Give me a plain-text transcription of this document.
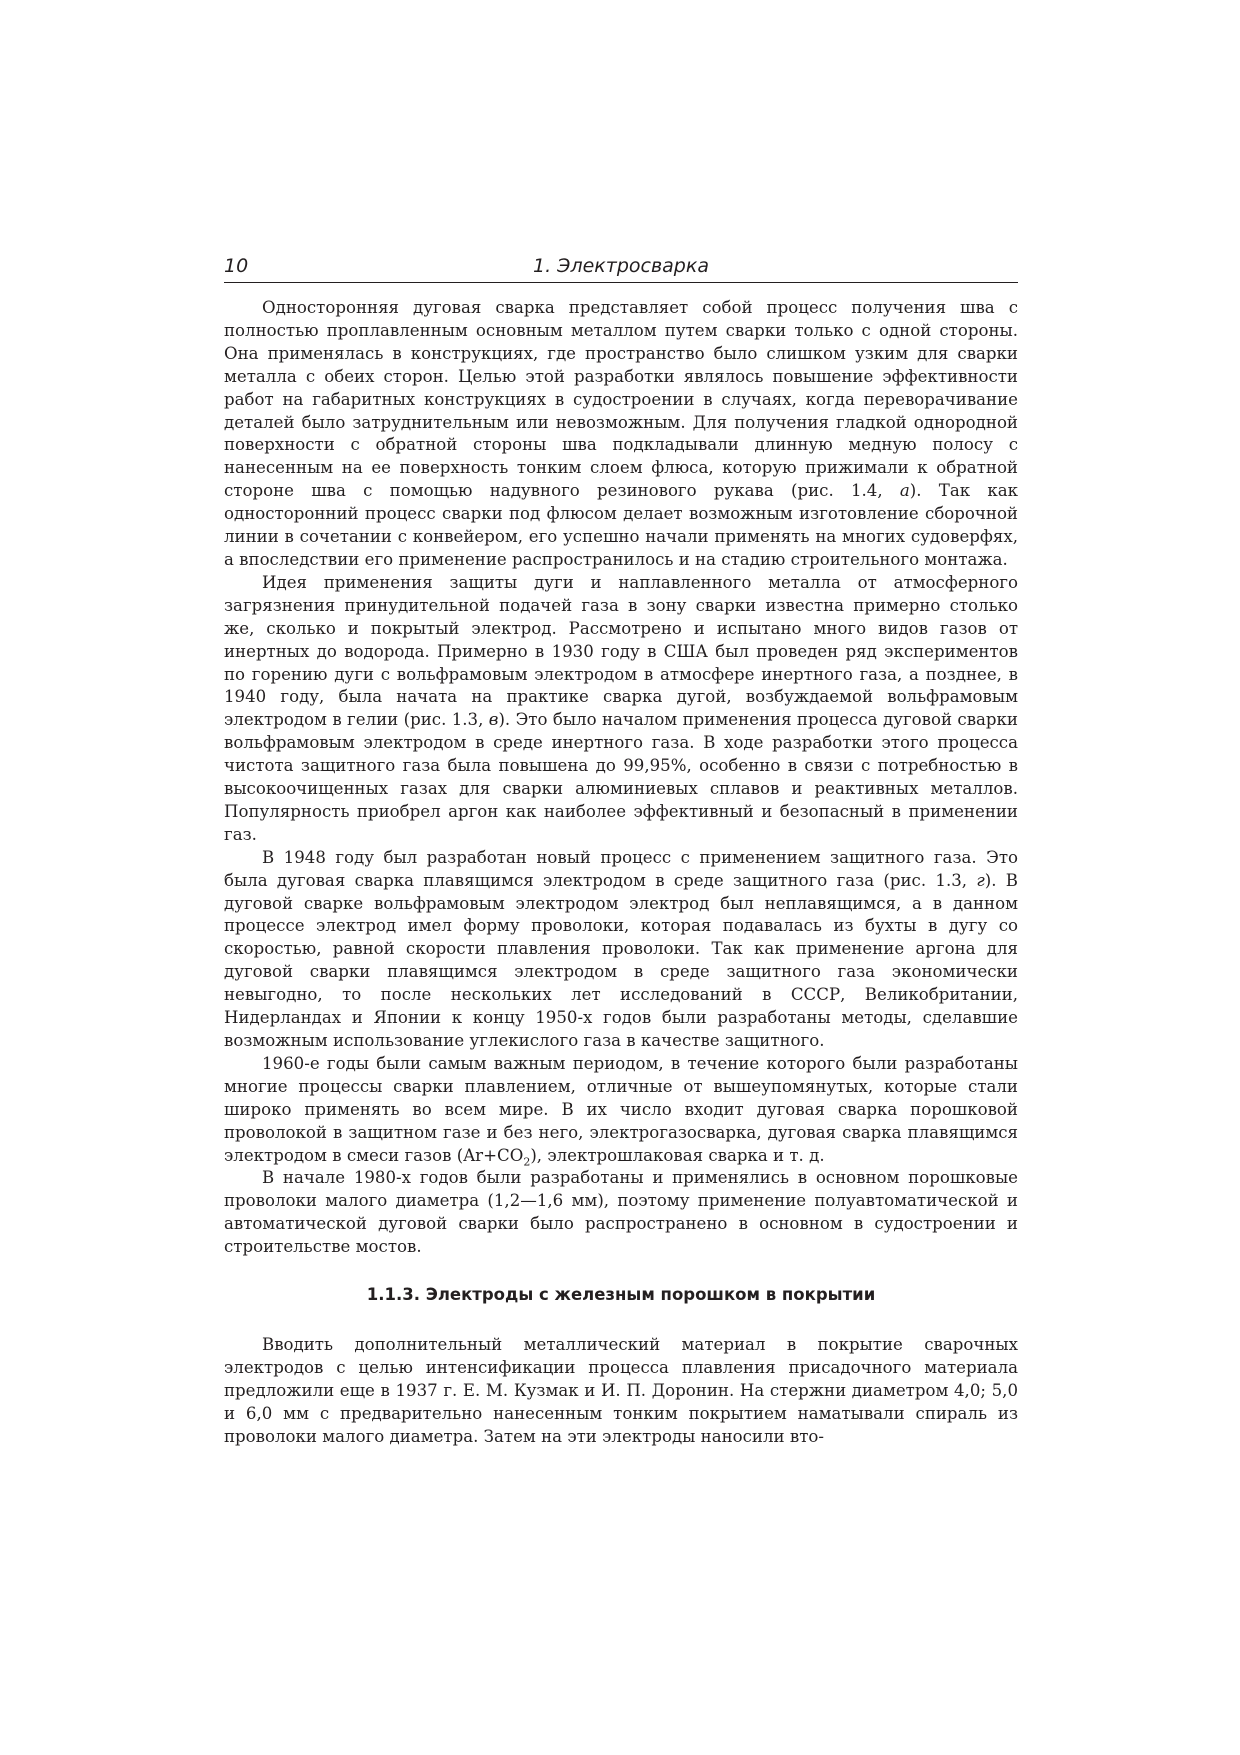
10	1. Электросварка

Односторонняя дуговая сварка представляет собой процесс получения шва с полностью проплавленным основным металлом путем сварки только с одной стороны. Она применялась в конструкциях, где пространство было слишком узким для сварки металла с обеих сторон. Целью этой разработки являлось повышение эффективности работ на габаритных конструкциях в судостроении в случаях, когда переворачивание деталей было затруднительным или невозможным. Для получения гладкой однородной поверхности с обратной стороны шва подкладывали длинную медную полосу с нанесенным на ее поверхность тонким слоем флюса, которую прижимали к обратной стороне шва с помощью надувного резинового рукава (рис. 1.4, а). Так как односторонний процесс сварки под флюсом делает возможным изготовление сборочной линии в сочетании с конвейером, его успешно начали применять на многих судоверфях, а впоследствии его применение распространилось и на стадию строительного монтажа.

Идея применения защиты дуги и наплавленного металла от атмосферного загрязнения принудительной подачей газа в зону сварки известна примерно столько же, сколько и покрытый электрод. Рассмотрено и испытано много видов газов от инертных до водорода. Примерно в 1930 году в США был проведен ряд экспериментов по горению дуги с вольфрамовым электродом в атмосфере инертного газа, а позднее, в 1940 году, была начата на практике сварка дугой, возбуждаемой вольфрамовым электродом в гелии (рис. 1.3, в). Это было началом применения процесса дуговой сварки вольфрамовым электродом в среде инертного газа. В ходе разработки этого процесса чистота защитного газа была повышена до 99,95%, особенно в связи с потребностью в высокоочищенных газах для сварки алюминиевых сплавов и реактивных металлов. Популярность приобрел аргон как наиболее эффективный и безопасный в применении газ.

В 1948 году был разработан новый процесс с применением защитного газа. Это была дуговая сварка плавящимся электродом в среде защитного газа (рис. 1.3, г). В дуговой сварке вольфрамовым электродом электрод был неплавящимся, а в данном процессе электрод имел форму проволоки, которая подавалась из бухты в дугу со скоростью, равной скорости плавления проволоки. Так как применение аргона для дуговой сварки плавящимся электродом в среде защитного газа экономически невыгодно, то после нескольких лет исследований в СССР, Великобритании, Нидерландах и Японии к концу 1950-х годов были разработаны методы, сделавшие возможным использование углекислого газа в качестве защитного.

1960-е годы были самым важным периодом, в течение которого были разработаны многие процессы сварки плавлением, отличные от вышеупомянутых, которые стали широко применять во всем мире. В их число входит дуговая сварка порошковой проволокой в защитном газе и без него, электрогазосварка, дуговая сварка плавящимся электродом в смеси газов $(Ar+CO_2)$, электрошлаковая сварка и т. д.

В начале 1980-х годов были разработаны и применялись в основном порошковые проволоки малого диаметра (1,2—1,6 мм), поэтому применение полуавтоматической и автоматической дуговой сварки было распространено в основном в судостроении и строительстве мостов.

1.1.3. Электроды с железным порошком в покрытии

Вводить дополнительный металлический материал в покрытие сварочных электродов с целью интенсификации процесса плавления присадочного материала предложили еще в 1937 г. Е. М. Кузмак и И. П. Доронин. На стержни диаметром 4,0; 5,0 и 6,0 мм с предварительно нанесенным тонким покрытием наматывали спираль из проволоки малого диаметра. Затем на эти электроды наносили вто-
